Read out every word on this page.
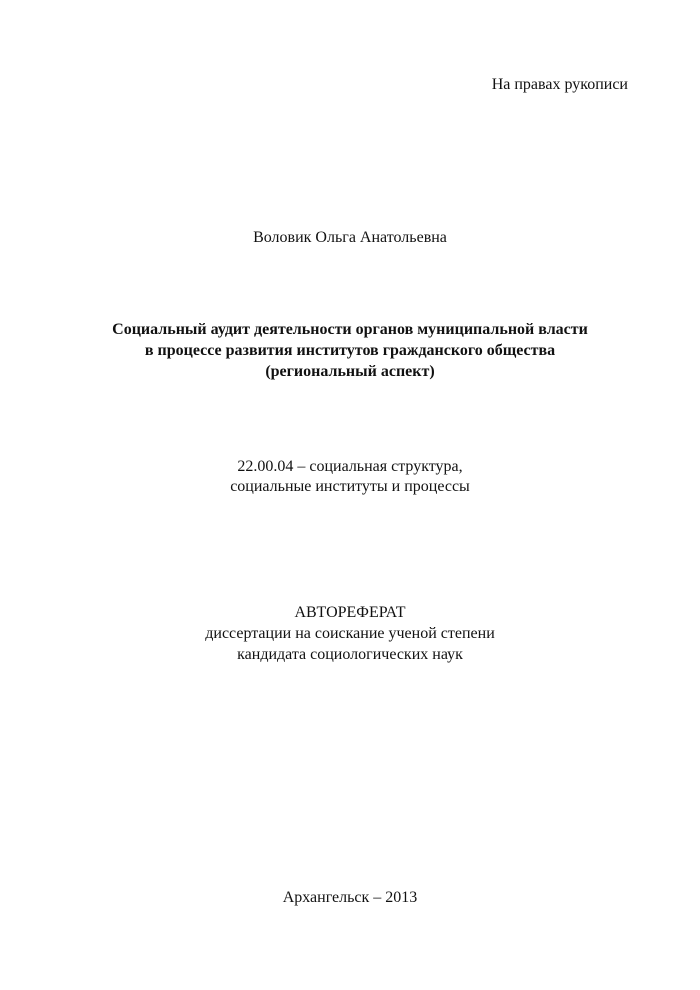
На правах рукописи
Воловик Ольга Анатольевна
Социальный аудит деятельности органов муниципальной власти
в процессе развития институтов гражданского общества
(региональный аспект)
22.00.04 – социальная структура,
социальные институты и процессы
АВТОРЕФЕРАТ
диссертации на соискание ученой степени
кандидата социологических наук
Архангельск – 2013
